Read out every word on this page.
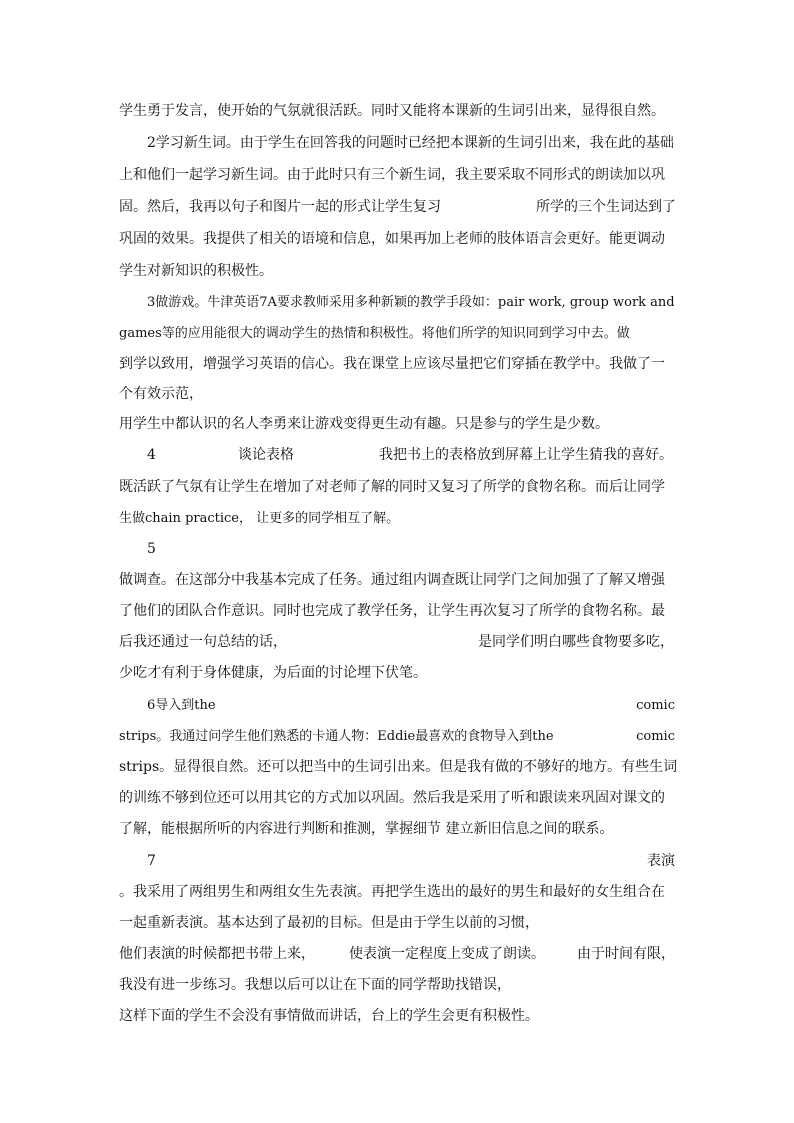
学生勇于发言，使开始的气氛就很活跃。同时又能将本课新的生词引出来，显得很自然。
2学习新生词。由于学生在回答我的问题时已经把本课新的生词引出来，我在此的基础
上和他们一起学习新生词。由于此时只有三个新生词，我主要采取不同形式的朗读加以巩
固。然后，我再以句子和图片一起的形式让学生复习	所学的三个生词达到了
巩固的效果。我提供了相关的语境和信息，如果再加上老师的肢体语言会更好。能更调动
学生对新知识的积极性。
3做游戏。牛津英语7A要求教师采用多种新颖的教学手段如：pair work, group work and
games等的应用能很大的调动学生的热情和积极性。将他们所学的知识同到学习中去。做
到学以致用，增强学习英语的信心。我在课堂上应该尽量把它们穿插在教学中。我做了一
个有效示范，
用学生中都认识的名人李勇来让游戏变得更生动有趣。只是参与的学生是少数。
4	谈论表格	我把书上的表格放到屏幕上让学生猜我的喜好。
既活跃了气氛有让学生在增加了对老师了解的同时又复习了所学的食物名称。而后让同学
生做chain practice， 让更多的同学相互了解。
5
做调查。在这部分中我基本完成了任务。通过组内调查既让同学门之间加强了了解又增强
了他们的团队合作意识。同时也完成了教学任务，让学生再次复习了所学的食物名称。最
后我还通过一句总结的话，	是同学们明白哪些食物要多吃，
少吃才有利于身体健康，为后面的讨论埋下伏笔。
6导入到the	comic
strips。我通过问学生他们熟悉的卡通人物：Eddie最喜欢的食物导入到the	comic
strips。显得很自然。还可以把当中的生词引出来。但是我有做的不够好的地方。有些生词
的训练不够到位还可以用其它的方式加以巩固。然后我是采用了听和跟读来巩固对课文的
了解，能根据所听的内容进行判断和推测，掌握细节 建立新旧信息之间的联系。
7	表演
。我采用了两组男生和两组女生先表演。再把学生选出的最好的男生和最好的女生组合在
一起重新表演。基本达到了最初的目标。但是由于学生以前的习惯，
他们表演的时候都把书带上来， 使表演一定程度上变成了朗读。 由于时间有限，
我没有进一步练习。我想以后可以让在下面的同学帮助找错误，
这样下面的学生不会没有事情做而讲话，台上的学生会更有积极性。
